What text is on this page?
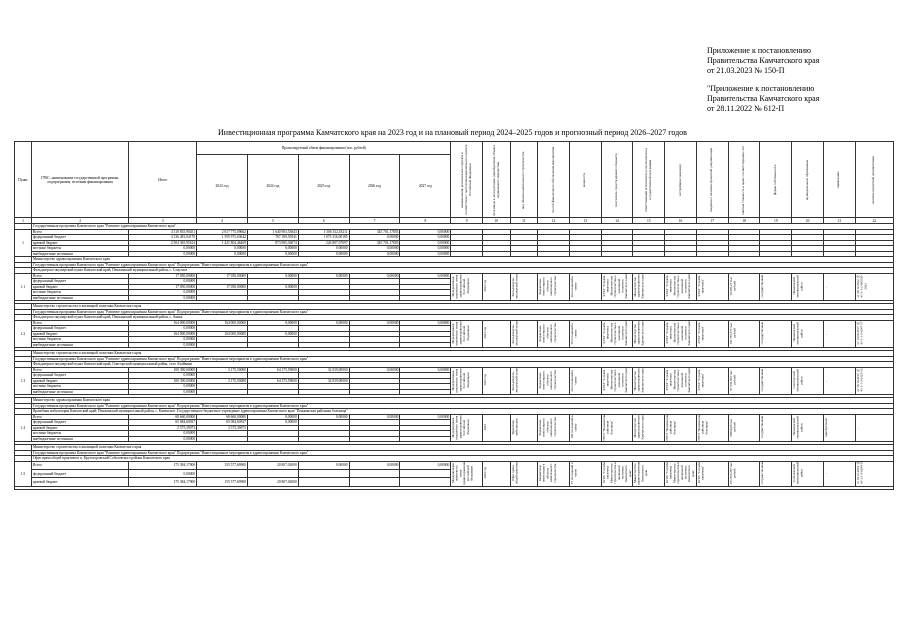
Приложение к постановлению
Правительства Камчатского края
от 21.03.2023 № 150-П
"Приложение к постановлению
Правительства Камчатского края
от 28.11.2022 № 612-П
Инвестиционная программа Камчатского края на 2023 год и на плановый период 2024–2025 годов и прогнозный период 2026–2027 годов
Пункт	ГРБС, наименование государственной программы, подпрограммы, источник финансирования	Итого	Прогнозируемый объем финансирования (тыс. рублей)					наименование регионального проекта в соответствии с паспортом национального проекта Российской Федерации	срок ввода в эксплуатацию (приобретения объекта недвижимого имущества)	вид объекта капитального строительства	способ финансового обеспечения мероприятия	мощность	получатель средств краевого бюджета	ответственный исполнитель (соисполнитель) государственной программы	застройщик (заказчик)	сведения о наличии проектной документации	сметная стоимость в ценах соответствующих лет	форма собственности	муниципальное образование	примечание	наличие проектной документации
			2023 год	2024 год	2025 год	2026 год	2027 год														
1	2	3	4	5	6	7	8	9	10	11	12	13	14	15	16	17	18	19	20	21	22
	Государственная программа Камчатского края "Развитие здравоохранения Камчатского края"																				
1	Всего	4 310 835,90451	2 017 775,09662	1 640 903,53843	1 306 332,18211	345 701,17803	0,00000														
	федеральный бюджет	4 136 481,04170	1 595 975,63642	767 189,59541	1 073 316,00185	0,00000	0,00000														
	краевой бюджет	2 504 365,95614	1 421 804,46469	873 085,36074	226 807,07097	345 701,17803	0,00000														
	местные бюджеты	0,00000	0,00000	0,00000	0,00000	0,00000	0,00000														
	внебюджетные источники	0,00000	0,00000	0,00000	0,00000	0,00000	0,00000														
	Министерство здравоохранения Камчатского края																				
	Государственная программа Камчатского края "Развитие здравоохранения Камчатского края" Подпрограмма "Инвестиционные мероприятия в здравоохранении Камчатского края"																				
	Фельдшерско-акушерский пункт Камчатский край, Пенжинский муниципальный район, с. Слаутное																				
1.1	Всего	17 050,00000	17 050,00000	0,00000	0,00000	0,00000	0,00000	Модернизация первичного звена здравоохранения Российской Федерации	2023 год	Фельдшерско-акушерский пункт	Бюджетные инвестиции в объекты капитального строительства	20 посещений в смену	КГКУ "Служба заказчика Министерства строительства и жилищной политики Камчатского края"	Министерство здравоохранения Камчатского края	КГКУ "Служба заказчика Министерства строительства и жилищной политики Камчатского края"	КГКУ "Служба заказчика"	19 283,27 тыс. рублей	государственная	Пенжинский муниципальный район	-	от 28.12.2022 № 41-1-1-2-095520-2022
	федеральный бюджет	0,00000																			
	краевой бюджет	17 050,00000	17 050,00000	0,00000																	
	местные бюджеты	0,00000																			
	внебюджетные источники	0,00000																			

	Министерство строительства и жилищной политики Камчатского края																				
	Государственная программа Камчатского края "Развитие здравоохранения Камчатского края" Подпрограмма "Инвестиционные мероприятия в здравоохранении Камчатского края"																				
	Фельдшерско-акушерский пункт Камчатский край, Пенжинский муниципальный район, с. Аянка																				
1.2	Всего	164 000,00000	164 000,00000	0,00000	0,00000	0,00000	0,00000	Модернизация первичного звена здравоохранения Российской Федерации	2023 год	Фельдшерско-акушерский пункт	Бюджетные инвестиции в объекты капитального строительства	20 посещений в смену	КГКУ "Служба заказчика Министерства строительства и жилищной политики Камчатского края"	Министерство здравоохранения Камчатского края	КГКУ "Служба заказчика Министерства строительства и жилищной политики Камчатского края"	КГКУ "Служба заказчика"	166 736,777 тыс. рублей	государственная	Пенжинский муниципальный район	-	от 13.09.2017 № 41-1-1-3-0247-17
	федеральный бюджет	0,00000																			
	краевой бюджет	164 000,00000	164 000,00000	0,00000																	
	местные бюджеты	0,00000																			
	внебюджетные источники	0,00000																			

	Министерство строительства и жилищной политики Камчатского края																				
	Государственная программа Камчатского края "Развитие здравоохранения Камчатского края" Подпрограмма "Инвестиционные мероприятия в здравоохранении Камчатского края"																				
	Фельдшерско-акушерский пункт Камчатский край, Олюторский муниципальный район, село Ачайваям																				
1.3	Всего	100 390,00000	3 175,50000	64 175,59000	32 039,00000	0,00000	0,00000	Модернизация первичного звена здравоохранения Российской Федерации	2025 год	Фельдшерско-акушерский пункт	Бюджетные инвестиции в объекты капитального строительства	20 посещений в смену	КГКУ "Служба заказчика Министерства строительства и жилищной политики Камчатского края"	Министерство здравоохранения Камчатского края	КГКУ "Служба заказчика Министерства строительства и жилищной политики Камчатского края"	КГКУ "Служба заказчика"	97 532,565 тыс. рублей	государственная	Олюторский муниципальный район	-	от 18.10.2016 № 41-1-1-3-0125-16
	федеральный бюджет	0,00000																			
	краевой бюджет	100 390,00000	3 175,50000	64 175,59000	32 039,00000																
	местные бюджеты	0,00000																			
	внебюджетные источники	0,00000																			

	Министерство здравоохранения Камчатского края																				
	Государственная программа Камчатского края "Развитие здравоохранения Камчатского края" Подпрограмма "Инвестиционные мероприятия в здравоохранении Камчатского края"																				
	Врачебная амбулатория Камчатский край, Пенжинский муниципальный район, с. Каменское. Государственное бюджетное учреждение здравоохранения Камчатского края "Пенжинская районная больница"																				
1.4	Всего	68 660,00000	68 660,00000	0,00000	0,00000	0,00000	0,00000	Модернизация первичного звена здравоохранения Российской Федерации	2023	Врачебная амбулатория	Бюджетные инвестиции в объекты капитального строительства	100 посещений в смену	ГБУЗ "Пенжинская районная больница"	Министерство здравоохранения Камчатского края	ГБУЗ "Пенжинская районная больница"	ГБУЗ "Пенжинская районная больница"	68660,00 тыс. рублей	государственная	Пенжинский муниципальный район	приобретение	-
	федеральный бюджет	65 084,60927	65 084,60927	0,00000																	
	краевой бюджет	3 575,39073	3 575,39073																		
	местные бюджеты	0,00000																			
	внебюджетные источники	0,00000																			

	Министерство строительства и жилищной политики Камчатского края																				
	Государственная программа Камчатского края "Развитие здравоохранения Камчатского края" Подпрограмма "Инвестиционные мероприятия в здравоохранении Камчатского края"																				
	Офис врача общей практики в п. Крутогоровский Соболевского района Камчатского края																				
1.5	Всего	175 384,17900	155 577,69900	20 807,02000	0,00000	0,00000	0,00000	Модернизация первичного звена здравоохранения Российской Федерации	2024 год	Офис врача общей практики	Бюджетные инвестиции в объекты капитального строительства	15 посещений в смену	КГКУ "Служба заказчика Министерства строительства и жилищной политики Камчатского края"	Министерство здравоохранения Камчатского края	КГКУ "Служба заказчика Министерства строительства и жилищной политики Камчатского края"	КГКУ "Служба заказчика"	181 867,287 тыс. рублей	государственная	Соболевский муниципальный район	-	от 19.12.2019 № 41-1-1-3-0294-19
	федеральный бюджет	0,00000																			
	краевой бюджет	175 384,17900	155 577,69900	20 807,02000																	
